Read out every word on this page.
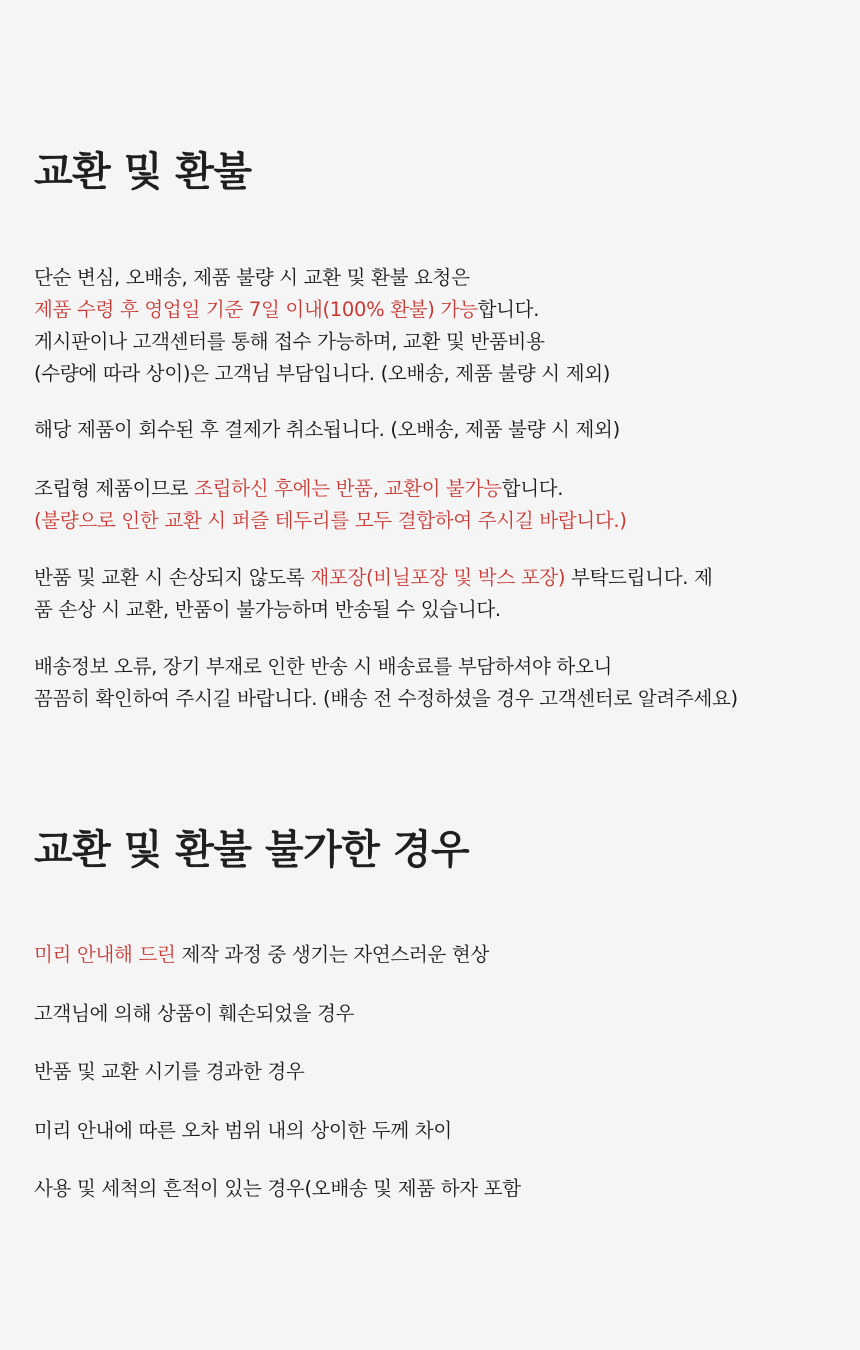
교환 및 환불

단순 변심, 오배송, 제품 불량 시 교환 및 환불 요청은

제품 수령 후 영업일 기준 7일 이내(100% 환불) 가능합니다.

게시판이나 고객센터를 통해 접수 가능하며, 교환 및 반품비용

(수량에 따라 상이)은 고객님 부담입니다. (오배송, 제품 불량 시 제외)

해당 제품이 회수된 후 결제가 취소됩니다. (오배송, 제품 불량 시 제외)

조립형 제품이므로 조립하신 후에는 반품, 교환이 불가능합니다.

(불량으로 인한 교환 시 퍼즐 테두리를 모두 결합하여 주시길 바랍니다.)

반품 및 교환 시 손상되지 않도록 재포장(비닐포장 및 박스 포장) 부탁드립니다. 제

품 손상 시 교환, 반품이 불가능하며 반송될 수 있습니다.

배송정보 오류, 장기 부재로 인한 반송 시 배송료를 부담하셔야 하오니

꼼꼼히 확인하여 주시길 바랍니다. (배송 전 수정하셨을 경우 고객센터로 알려주세요)

교환 및 환불 불가한 경우

미리 안내해 드린 제작 과정 중 생기는 자연스러운 현상

고객님에 의해 상품이 훼손되었을 경우

반품 및 교환 시기를 경과한 경우

미리 안내에 따른 오차 범위 내의 상이한 두께 차이

사용 및 세척의 흔적이 있는 경우(오배송 및 제품 하자 포함
